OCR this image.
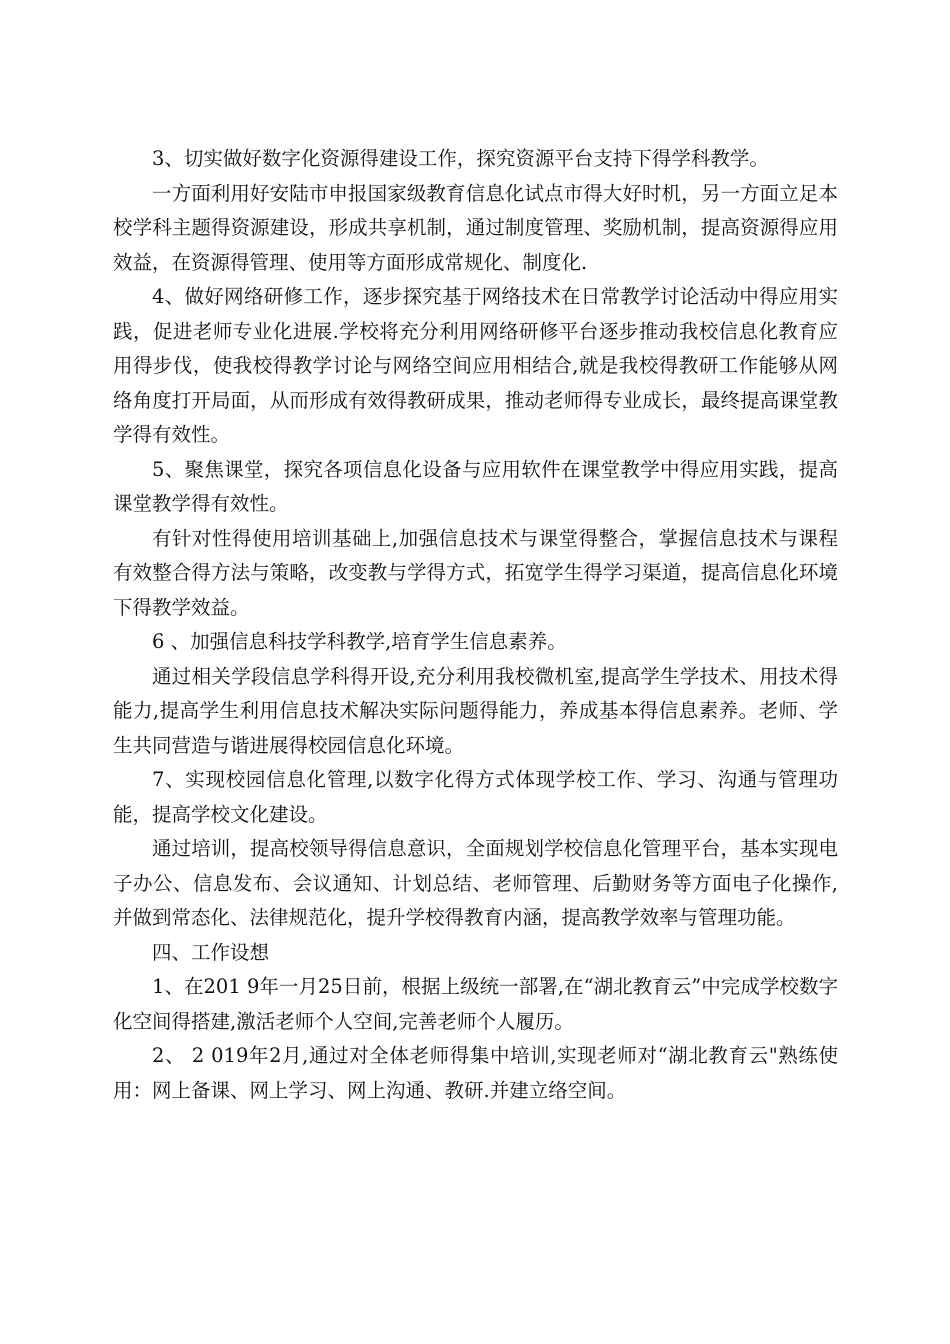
3、切实做好数字化资源得建设工作，探究资源平台支持下得学科教学。

一方面利用好安陆市申报国家级教育信息化试点市得大好时机，另一方面立足本校学科主题得资源建设，形成共享机制，通过制度管理、奖励机制，提高资源得应用效益，在资源得管理、使用等方面形成常规化、制度化.

4、做好网络研修工作，逐步探究基于网络技术在日常教学讨论活动中得应用实践，促进老师专业化进展.学校将充分利用网络研修平台逐步推动我校信息化教育应用得步伐，使我校得教学讨论与网络空间应用相结合,就是我校得教研工作能够从网络角度打开局面，从而形成有效得教研成果，推动老师得专业成长，最终提高课堂教学得有效性。

5、聚焦课堂，探究各项信息化设备与应用软件在课堂教学中得应用实践，提高课堂教学得有效性。

有针对性得使用培训基础上,加强信息技术与课堂得整合，掌握信息技术与课程有效整合得方法与策略，改变教与学得方式，拓宽学生得学习渠道，提高信息化环境下得教学效益。

6 、加强信息科技学科教学,培育学生信息素养。

通过相关学段信息学科得开设,充分利用我校微机室,提高学生学技术、用技术得能力,提高学生利用信息技术解决实际问题得能力，养成基本得信息素养。老师、学生共同营造与谐进展得校园信息化环境。

7、实现校园信息化管理,以数字化得方式体现学校工作、学习、沟通与管理功能，提高学校文化建设。

通过培训，提高校领导得信息意识，全面规划学校信息化管理平台，基本实现电子办公、信息发布、会议通知、计划总结、老师管理、后勤财务等方面电子化操作,并做到常态化、法律规范化，提升学校得教育内涵，提高教学效率与管理功能。

四、工作设想

1、在201 9年一月25日前，根据上级统一部署,在“湖北教育云”中完成学校数字化空间得搭建,激活老师个人空间,完善老师个人履历。

2、 2 019年2月,通过对全体老师得集中培训,实现老师对“湖北教育云"熟练使用：网上备课、网上学习、网上沟通、教研.并建立络空间。
